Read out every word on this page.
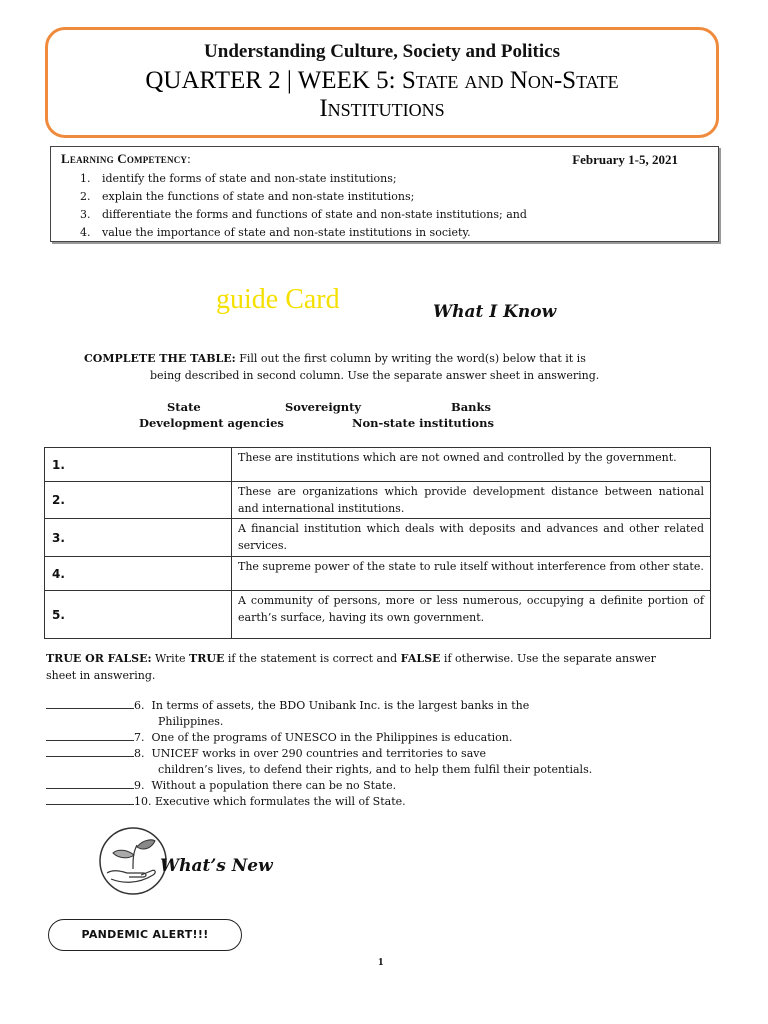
Understanding Culture, Society and Politics
QUARTER 2 | WEEK 5: State and Non-State
Institutions
Learning Competency:	February 1-5, 2021
1. identify the forms of state and non-state institutions;
2. explain the functions of state and non-state institutions;
3. differentiate the forms and functions of state and non-state institutions; and
4. value the importance of state and non-state institutions in society.
guide Card	What I Know
COMPLETE THE TABLE: Fill out the first column by writing the word(s) below that it is
being described in second column. Use the separate answer sheet in answering.
State	Sovereignty	Banks
Development agencies	Non-state institutions
1.	These are institutions which are not owned and controlled by the government.
2.	These are organizations which provide development distance between national and international institutions.
3.	A financial institution which deals with deposits and advances and other related services.
4.	The supreme power of the state to rule itself without interference from other state.
5.	A community of persons, more or less numerous, occupying a definite portion of earth’s surface, having its own government.
TRUE OR FALSE: Write TRUE if the statement is correct and FALSE if otherwise. Use the separate answer sheet in answering.
6.  In terms of assets, the BDO Unibank Inc. is the largest banks in the
Philippines.
7.  One of the programs of UNESCO in the Philippines is education.
8.  UNICEF works in over 290 countries and territories to save
children’s lives, to defend their rights, and to help them fulfil their potentials.
9.  Without a population there can be no State.
10. Executive which formulates the will of State.
What’s New
PANDEMIC ALERT!!!
1
